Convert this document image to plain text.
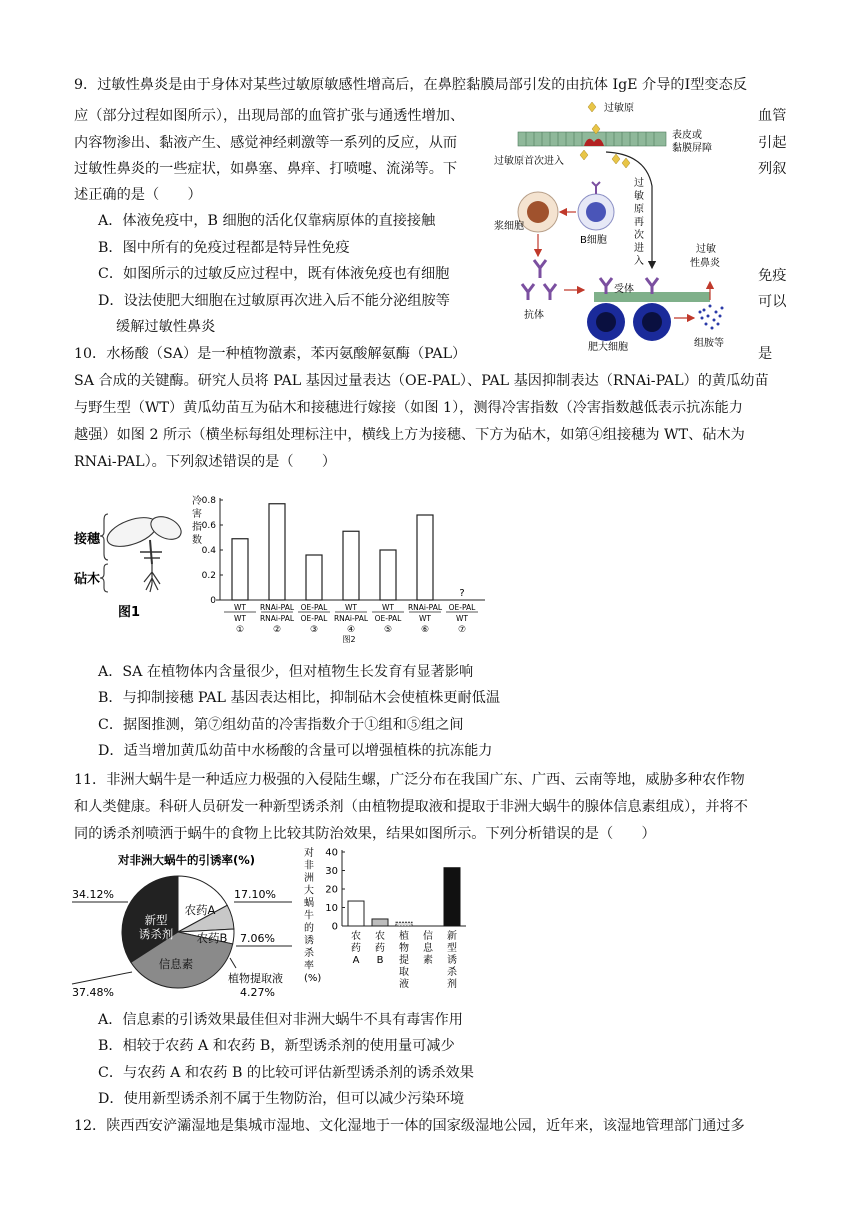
9．过敏性鼻炎是由于身体对某些过敏原敏感性增高后，在鼻腔黏膜局部引发的由抗体 IgE 介导的Ⅰ型变态反
应（部分过程如图所示），出现局部的血管扩张与通透性增加、
内容物渗出、黏液产生、感觉神经刺激等一系列的反应，从而
过敏性鼻炎的一些症状，如鼻塞、鼻痒、打喷嚏、流涕等。下
述正确的是（　　）
血管
引起
列叙
免疫
可以
A．体液免疫中，B 细胞的活化仅靠病原体的直接接触
B．图中所有的免疫过程都是特异性免疫
C．如图所示的过敏反应过程中，既有体液免疫也有细胞
D．设法使肥大细胞在过敏原再次进入后不能分泌组胺等
缓解过敏性鼻炎
过敏原
表皮或
黏膜屏障
过敏原首次进入
过
敏
原
再
次
进
入
浆细胞
B细胞
抗体
受体
肥大细胞	组胺等
过敏
性鼻炎
10．水杨酸（SA）是一种植物激素，苯丙氨酸解氨酶（PAL）	是
SA 合成的关键酶。研究人员将 PAL 基因过量表达（OE-PAL）、PAL 基因抑制表达（RNAi-PAL）的黄瓜幼苗
与野生型（WT）黄瓜幼苗互为砧木和接穗进行嫁接（如图 1），测得冷害指数（冷害指数越低表示抗冻能力
越强）如图 2 所示（横坐标每组处理标注中，横线上方为接穗、下方为砧木，如第④组接穗为 WT、砧木为
RNAi-PAL）。下列叙述错误的是（　　）
接穗
砧木
图1
0
0.2
0.4
0.6
0.8
冷
害
指
数
WT
WT
①
RNAi-PAL
RNAi-PAL
②
OE-PAL
OE-PAL
③
WT
RNAi-PAL
④
WT
OE-PAL
⑤
RNAi-PAL
WT
⑥
?
OE-PAL
WT
⑦
图2
A．SA 在植物体内含量很少，但对植物生长发育有显著影响
B．与抑制接穗 PAL 基因表达相比，抑制砧木会使植株更耐低温
C．据图推测，第⑦组幼苗的冷害指数介于①组和⑤组之间
D．适当增加黄瓜幼苗中水杨酸的含量可以增强植株的抗冻能力
11．非洲大蜗牛是一种适应力极强的入侵陆生螺，广泛分布在我国广东、广西、云南等地，威胁多种农作物
和人类健康。科研人员研发一种新型诱杀剂（由植物提取液和提取于非洲大蜗牛的腺体信息素组成），并将不
同的诱杀剂喷洒于蜗牛的食物上比较其防治效果，结果如图所示。下列分析错误的是（　　）
对非洲大蜗牛的引诱率(%)
新型
诱杀剂
农药A
农药B
信息素
植物提取液
34.12%	17.10%
7.06%
4.27%
37.48%
对
非
洲
大
蜗
牛
的
诱
杀
率
(%)
0
10
20
30
40
农
药
A
农
药
B
植
物
提
取
液
信
息
素
新
型
诱
杀
剂
A．信息素的引诱效果最佳但对非洲大蜗牛不具有毒害作用
B．相较于农药 A 和农药 B，新型诱杀剂的使用量可减少
C．与农药 A 和农药 B 的比较可评估新型诱杀剂的诱杀效果
D．使用新型诱杀剂不属于生物防治，但可以减少污染环境
12．陕西西安浐灞湿地是集城市湿地、文化湿地于一体的国家级湿地公园，近年来，该湿地管理部门通过多
